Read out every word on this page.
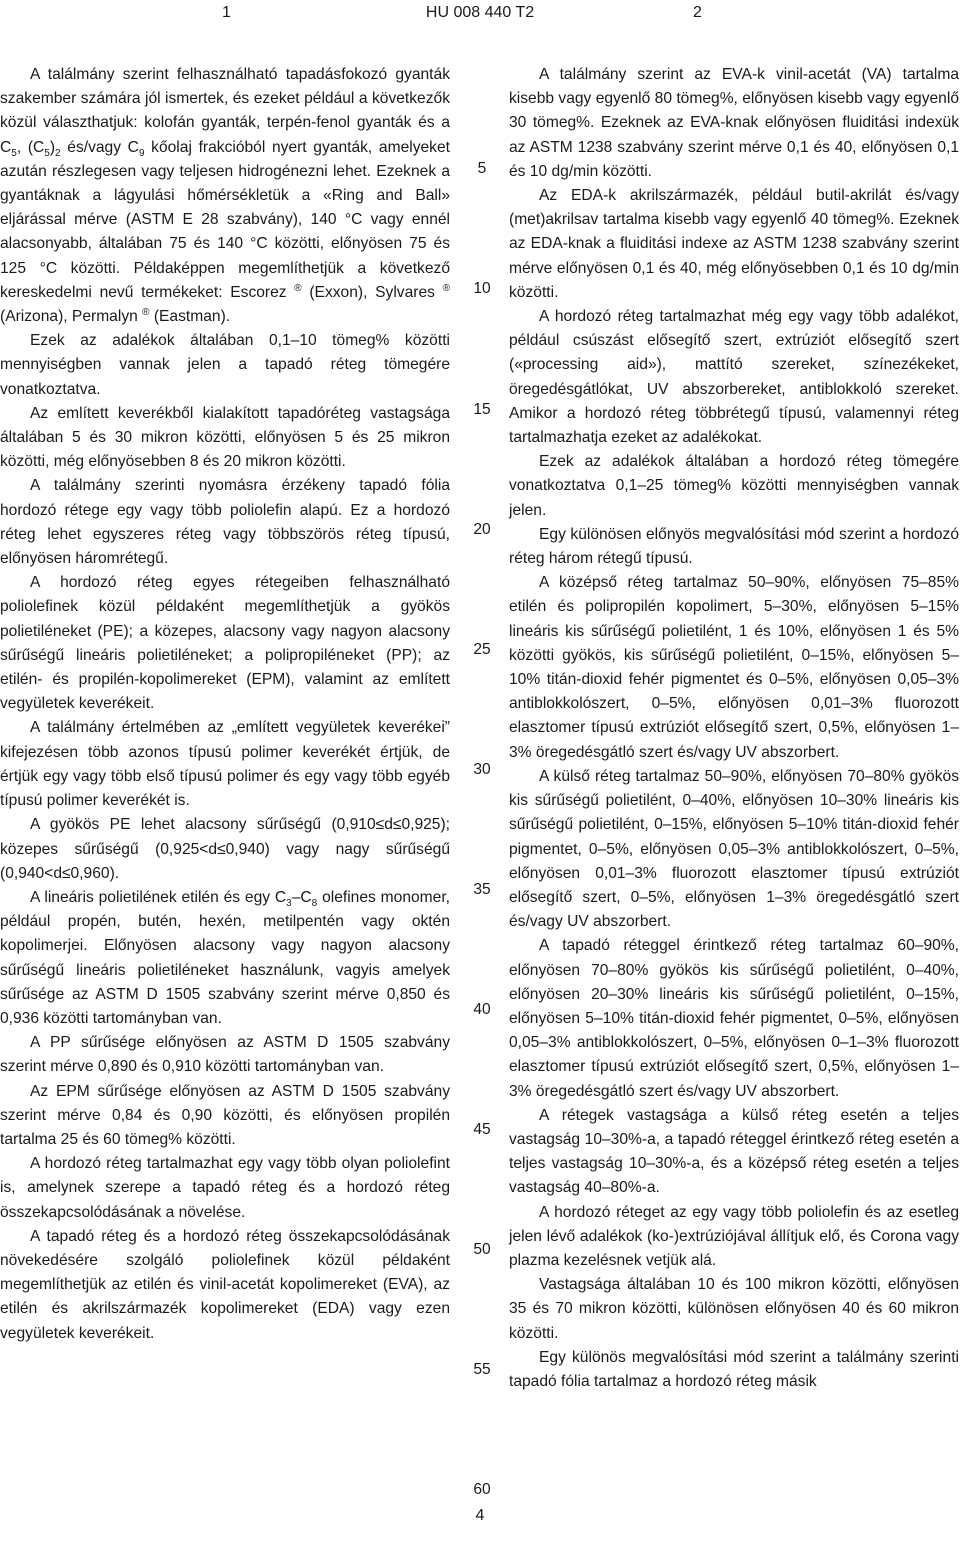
1	HU 008 440 T2	2

A találmány szerint felhasználható tapadásfokozó gyanták szakember számára jól ismertek, és ezeket például a következők közül választhatjuk: kolofán gyanták, terpén-fenol gyanták és a $C_5$, $(C_5)_2$ és/vagy $C_9$ kőolaj frakcióból nyert gyanták, amelyeket azután részlegesen vagy teljesen hidrogénezni lehet. Ezeknek a gyantáknak a lágyulási hőmérsékletük a «Ring and Ball» eljárással mérve (ASTM E 28 szabvány), 140 °C vagy ennél alacsonyabb, általában 75 és 140 °C közötti, előnyösen 75 és 125 °C közötti. Példaképpen megemlíthetjük a következő kereskedelmi nevű termékeket: Escorez ® (Exxon), Sylvares ® (Arizona), Permalyn ® (Eastman).

Ezek az adalékok általában 0,1–10 tömeg% közötti mennyiségben vannak jelen a tapadó réteg tömegére vonatkoztatva.

Az említett keverékből kialakított tapadóréteg vastagsága általában 5 és 30 mikron közötti, előnyösen 5 és 25 mikron közötti, még előnyösebben 8 és 20 mikron közötti.

A találmány szerinti nyomásra érzékeny tapadó fólia hordozó rétege egy vagy több poliolefin alapú. Ez a hordozó réteg lehet egyszeres réteg vagy többszörös réteg típusú, előnyösen háromrétegű.

A hordozó réteg egyes rétegeiben felhasználható poliolefinek közül példaként megemlíthetjük a gyökös polietiléneket (PE); a közepes, alacsony vagy nagyon alacsony sűrűségű lineáris polietiléneket; a polipropiléneket (PP); az etilén- és propilén-kopolimereket (EPM), valamint az említett vegyületek keverékeit.

A találmány értelmében az „említett vegyületek keverékei” kifejezésen több azonos típusú polimer keverékét értjük, de értjük egy vagy több első típusú polimer és egy vagy több egyéb típusú polimer keverékét is.

A gyökös PE lehet alacsony sűrűségű (0,910≤d≤0,925); közepes sűrűségű (0,925<d≤0,940) vagy nagy sűrűségű (0,940<d≤0,960).

A lineáris polietilének etilén és egy $C_3-C_8$ olefines monomer, például propén, butén, hexén, metilpentén vagy oktén kopolimerjei. Előnyösen alacsony vagy nagyon alacsony sűrűségű lineáris polietiléneket használunk, vagyis amelyek sűrűsége az ASTM D 1505 szabvány szerint mérve 0,850 és 0,936 közötti tartományban van.

A PP sűrűsége előnyösen az ASTM D 1505 szabvány szerint mérve 0,890 és 0,910 közötti tartományban van.

Az EPM sűrűsége előnyösen az ASTM D 1505 szabvány szerint mérve 0,84 és 0,90 közötti, és előnyösen propilén tartalma 25 és 60 tömeg% közötti.

A hordozó réteg tartalmazhat egy vagy több olyan poliolefint is, amelynek szerepe a tapadó réteg és a hordozó réteg összekapcsolódásának a növelése.

A tapadó réteg és a hordozó réteg összekapcsolódásának növekedésére szolgáló poliolefinek közül példaként megemlíthetjük az etilén és vinil-acetát kopolimereket (EVA), az etilén és akrilszármazék kopolimereket (EDA) vagy ezen vegyületek keverékeit.

5
10
15
20
25
30
35
40
45
50
55
60

A találmány szerint az EVA-k vinil-acetát (VA) tartalma kisebb vagy egyenlő 80 tömeg%, előnyösen kisebb vagy egyenlő 30 tömeg%. Ezeknek az EVA-knak előnyösen fluiditási indexük az ASTM 1238 szabvány szerint mérve 0,1 és 40, előnyösen 0,1 és 10 dg/min közötti.

Az EDA-k akrilszármazék, például butil-akrilát és/vagy (met)akrilsav tartalma kisebb vagy egyenlő 40 tömeg%. Ezeknek az EDA-knak a fluiditási indexe az ASTM 1238 szabvány szerint mérve előnyösen 0,1 és 40, még előnyösebben 0,1 és 10 dg/min közötti.

A hordozó réteg tartalmazhat még egy vagy több adalékot, például csúszást elősegítő szert, extrúziót elősegítő szert («processing aid»), mattító szereket, színezékeket, öregedésgátlókat, UV abszorbereket, antiblokkoló szereket. Amikor a hordozó réteg többrétegű típusú, valamennyi réteg tartalmazhatja ezeket az adalékokat.

Ezek az adalékok általában a hordozó réteg tömegére vonatkoztatva 0,1–25 tömeg% közötti mennyiségben vannak jelen.

Egy különösen előnyös megvalósítási mód szerint a hordozó réteg három rétegű típusú.

A középső réteg tartalmaz 50–90%, előnyösen 75–85% etilén és polipropilén kopolimert, 5–30%, előnyösen 5–15% lineáris kis sűrűségű polietilént, 1 és 10%, előnyösen 1 és 5% közötti gyökös, kis sűrűségű polietilént, 0–15%, előnyösen 5–10% titán-dioxid fehér pigmentet és 0–5%, előnyösen 0,05–3% antiblokkolószert, 0–5%, előnyösen 0,01–3% fluorozott elasztomer típusú extrúziót elősegítő szert, 0,5%, előnyösen 1–3% öregedésgátló szert és/vagy UV abszorbert.

A külső réteg tartalmaz 50–90%, előnyösen 70–80% gyökös kis sűrűségű polietilént, 0–40%, előnyösen 10–30% lineáris kis sűrűségű polietilént, 0–15%, előnyösen 5–10% titán-dioxid fehér pigmentet, 0–5%, előnyösen 0,05–3% antiblokkolószert, 0–5%, előnyösen 0,01–3% fluorozott elasztomer típusú extrúziót elősegítő szert, 0–5%, előnyösen 1–3% öregedésgátló szert és/vagy UV abszorbert.

A tapadó réteggel érintkező réteg tartalmaz 60–90%, előnyösen 70–80% gyökös kis sűrűségű polietilént, 0–40%, előnyösen 20–30% lineáris kis sűrűségű polietilént, 0–15%, előnyösen 5–10% titán-dioxid fehér pigmentet, 0–5%, előnyösen 0,05–3% antiblokkolószert, 0–5%, előnyösen 0–1–3% fluorozott elasztomer típusú extrúziót elősegítő szert, 0,5%, előnyösen 1–3% öregedésgátló szert és/vagy UV abszorbert.

A rétegek vastagsága a külső réteg esetén a teljes vastagság 10–30%-a, a tapadó réteggel érintkező réteg esetén a teljes vastagság 10–30%-a, és a középső réteg esetén a teljes vastagság 40–80%-a.

A hordozó réteget az egy vagy több poliolefin és az esetleg jelen lévő adalékok (ko-)extrúziójával állítjuk elő, és Corona vagy plazma kezelésnek vetjük alá.

Vastagsága általában 10 és 100 mikron közötti, előnyösen 35 és 70 mikron közötti, különösen előnyösen 40 és 60 mikron közötti.

Egy különös megvalósítási mód szerint a találmány szerinti tapadó fólia tartalmaz a hordozó réteg másik

4
